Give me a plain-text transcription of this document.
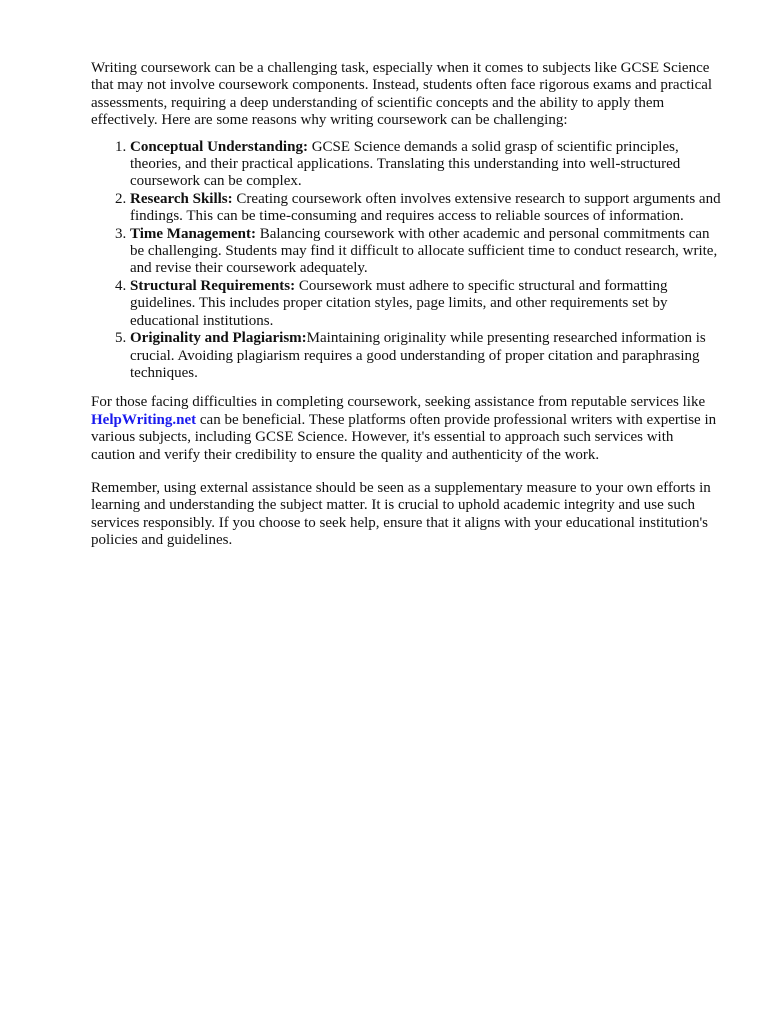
Writing coursework can be a challenging task, especially when it comes to subjects like GCSE Science that may not involve coursework components. Instead, students often face rigorous exams and practical assessments, requiring a deep understanding of scientific concepts and the ability to apply them effectively. Here are some reasons why writing coursework can be challenging:

1. Conceptual Understanding: GCSE Science demands a solid grasp of scientific principles, theories, and their practical applications. Translating this understanding into well-structured coursework can be complex.
2. Research Skills: Creating coursework often involves extensive research to support arguments and findings. This can be time-consuming and requires access to reliable sources of information.
3. Time Management: Balancing coursework with other academic and personal commitments can be challenging. Students may find it difficult to allocate sufficient time to conduct research, write, and revise their coursework adequately.
4. Structural Requirements: Coursework must adhere to specific structural and formatting guidelines. This includes proper citation styles, page limits, and other requirements set by educational institutions.
5. Originality and Plagiarism:Maintaining originality while presenting researched information is crucial. Avoiding plagiarism requires a good understanding of proper citation and paraphrasing techniques.

For those facing difficulties in completing coursework, seeking assistance from reputable services like HelpWriting.net can be beneficial. These platforms often provide professional writers with expertise in various subjects, including GCSE Science. However, it's essential to approach such services with caution and verify their credibility to ensure the quality and authenticity of the work.

Remember, using external assistance should be seen as a supplementary measure to your own efforts in learning and understanding the subject matter. It is crucial to uphold academic integrity and use such services responsibly. If you choose to seek help, ensure that it aligns with your educational institution's policies and guidelines.
